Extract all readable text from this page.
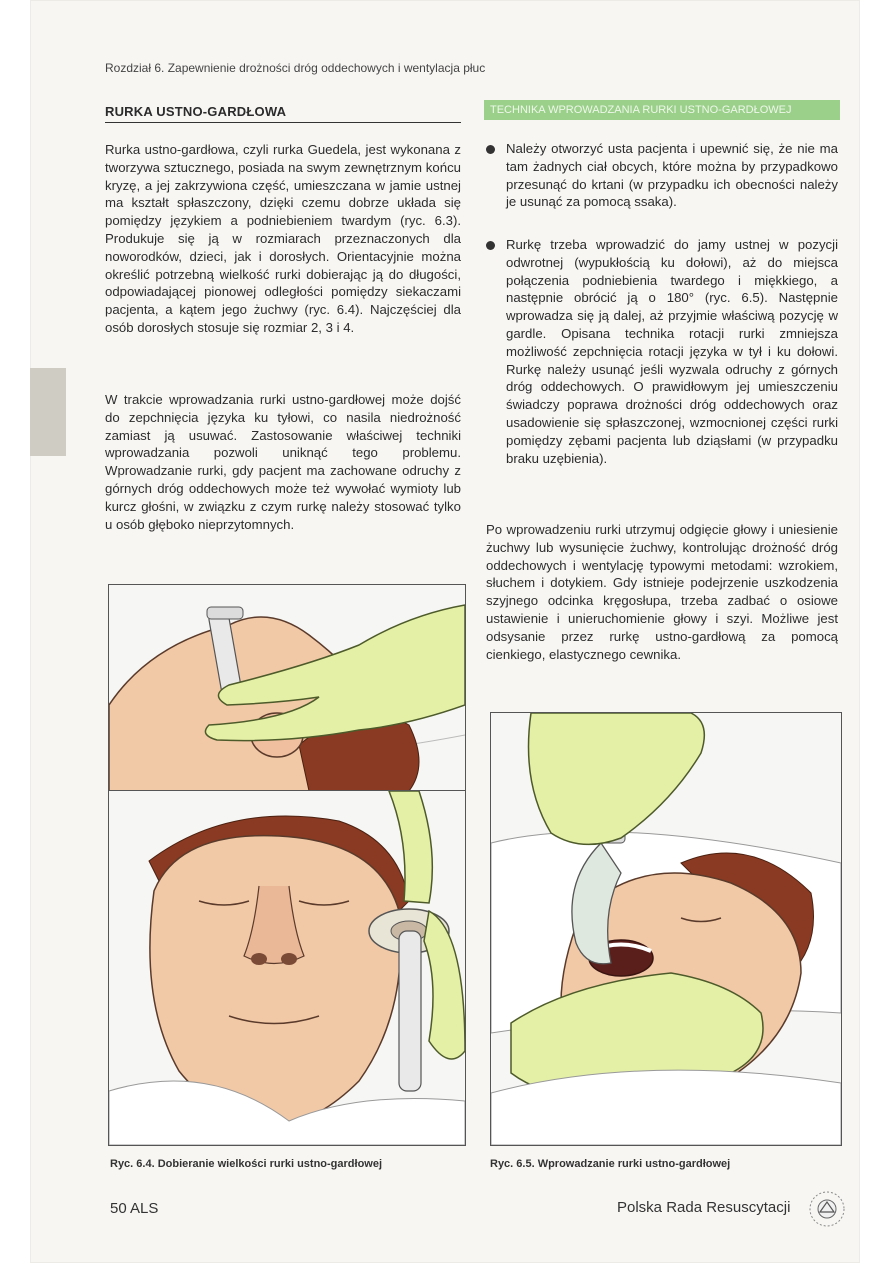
Rozdział 6. Zapewnienie drożności dróg oddechowych i wentylacja płuc
RURKA USTNO-GARDŁOWA

Rurka ustno-gardłowa, czyli rurka Guedela, jest wykonana z tworzywa sztucznego, posiada na swym zewnętrznym końcu kryzę, a jej zakrzywiona część, umieszczana w jamie ustnej ma kształt spłaszczony, dzięki czemu dobrze układa się pomiędzy językiem a podniebieniem twardym (ryc. 6.3). Produkuje się ją w rozmiarach przeznaczonych dla noworodków, dzieci, jak i dorosłych. Orientacyjnie można określić potrzebną wielkość rurki dobierając ją do długości, odpowiadającej pionowej odległości pomiędzy siekaczami pacjenta, a kątem jego żuchwy (ryc. 6.4). Najczęściej dla osób dorosłych stosuje się rozmiar 2, 3 i 4.

W trakcie wprowadzania rurki ustno-gardłowej może dojść do zepchnięcia języka ku tyłowi, co nasila niedrożność zamiast ją usuwać. Zastosowanie właściwej techniki wprowadzania pozwoli uniknąć tego problemu. Wprowadzanie rurki, gdy pacjent ma zachowane odruchy z górnych dróg oddechowych może też wywołać wymioty lub kurcz głośni, w związku z czym rurkę należy stosować tylko u osób głęboko nieprzytomnych.

TECHNIKA WPROWADZANIA RURKI USTNO-GARDŁOWEJ
Należy otworzyć usta pacjenta i upewnić się, że nie ma tam żadnych ciał obcych, które można by przypadkowo przesunąć do krtani (w przypadku ich obecności należy je usunąć za pomocą ssaka).
Rurkę trzeba wprowadzić do jamy ustnej w pozycji odwrotnej (wypukłością ku dołowi), aż do miejsca połączenia podniebienia twardego i miękkiego, a następnie obrócić ją o 180° (ryc. 6.5). Następnie wprowadza się ją dalej, aż przyjmie właściwą pozycję w gardle. Opisana technika rotacji rurki zmniejsza możliwość zepchnięcia rotacji języka w tył i ku dołowi. Rurkę należy usunąć jeśli wyzwala odruchy z górnych dróg oddechowych. O prawidłowym jej umieszczeniu świadczy poprawa drożności dróg oddechowych oraz usadowienie się spłaszczonej, wzmocnionej części rurki pomiędzy zębami pacjenta lub dziąsłami (w przypadku braku uzębienia).

Po wprowadzeniu rurki utrzymuj odgięcie głowy i uniesienie żuchwy lub wysunięcie żuchwy, kontrolując drożność dróg oddechowych i wentylację typowymi metodami: wzrokiem, słuchem i dotykiem. Gdy istnieje podejrzenie uszkodzenia szyjnego odcinka kręgosłupa, trzeba zadbać o osiowe ustawienie i unieruchomienie głowy i szyi. Możliwe jest odsysanie przez rurkę ustno-gardłową za pomocą cienkiego, elastycznego cewnika.

Ryc. 6.4. Dobieranie wielkości rurki ustno-gardłowej	Ryc. 6.5. Wprowadzanie rurki ustno-gardłowej
50 ALS	Polska Rada Resuscytacji
